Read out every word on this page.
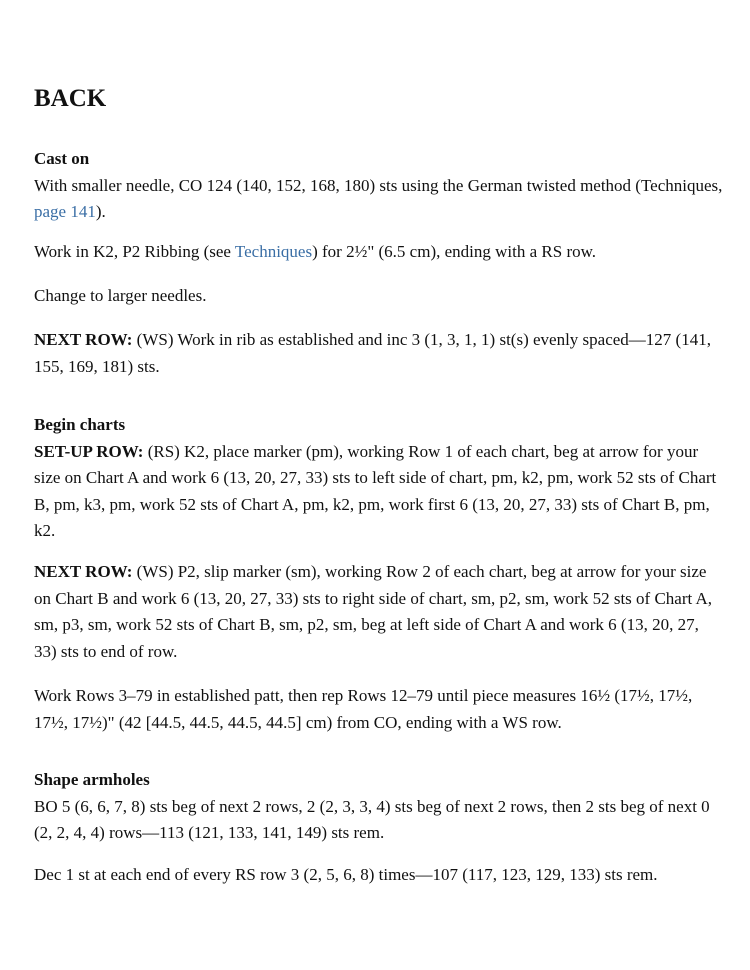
BACK
Cast on
With smaller needle, CO 124 (140, 152, 168, 180) sts using the German twisted method (Techniques, page 141).
Work in K2, P2 Ribbing (see Techniques) for 2½" (6.5 cm), ending with a RS row.
Change to larger needles.
NEXT ROW: (WS) Work in rib as established and inc 3 (1, 3, 1, 1) st(s) evenly spaced—127 (141, 155, 169, 181) sts.
Begin charts
SET-UP ROW: (RS) K2, place marker (pm), working Row 1 of each chart, beg at arrow for your size on Chart A and work 6 (13, 20, 27, 33) sts to left side of chart, pm, k2, pm, work 52 sts of Chart B, pm, k3, pm, work 52 sts of Chart A, pm, k2, pm, work first 6 (13, 20, 27, 33) sts of Chart B, pm, k2.
NEXT ROW: (WS) P2, slip marker (sm), working Row 2 of each chart, beg at arrow for your size on Chart B and work 6 (13, 20, 27, 33) sts to right side of chart, sm, p2, sm, work 52 sts of Chart A, sm, p3, sm, work 52 sts of Chart B, sm, p2, sm, beg at left side of Chart A and work 6 (13, 20, 27, 33) sts to end of row.
Work Rows 3–79 in established patt, then rep Rows 12–79 until piece measures 16½ (17½, 17½, 17½, 17½)" (42 [44.5, 44.5, 44.5, 44.5] cm) from CO, ending with a WS row.
Shape armholes
BO 5 (6, 6, 7, 8) sts beg of next 2 rows, 2 (2, 3, 3, 4) sts beg of next 2 rows, then 2 sts beg of next 0 (2, 2, 4, 4) rows—113 (121, 133, 141, 149) sts rem.
Dec 1 st at each end of every RS row 3 (2, 5, 6, 8) times—107 (117, 123, 129, 133) sts rem.
